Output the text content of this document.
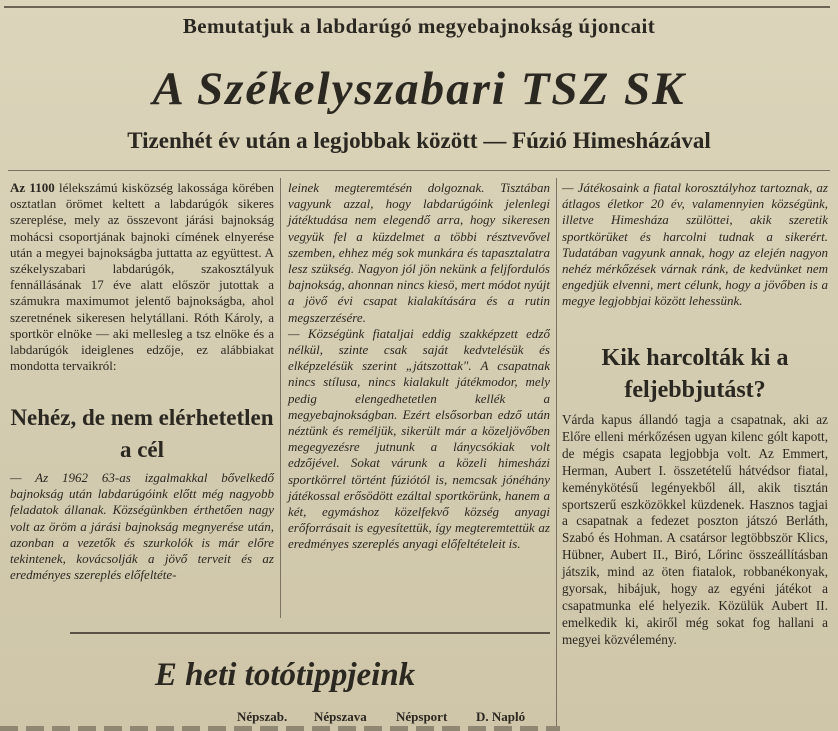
Bemutatjuk a labdarúgó megyebajnokság újoncait
A Székelyszabari TSZ SK
Tizenhét év után a legjobbak között — Fúzió Himesházával

Az 1100 lélekszámú kisközség lakossága körében osztatlan örömet keltett a labdarúgók sikeres szereplése, mely az összevont járási bajnokság mohácsi csoportjának bajnoki címének elnyerése után a megyei bajnokságba juttatta az együttest. A székelyszabari labdarúgók, szakosztályuk fennállásának 17 éve alatt először jutottak a számukra maximumot jelentő bajnokságba, ahol szeretnének sikeresen helytállani. Róth Károly, a sportkör elnöke — aki mellesleg a tsz elnöke és a labdarúgók ideiglenes edzője, ez alábbiakat mondotta tervaikról:

Nehéz, de nem elérhetetlen a cél

— Az 1962 63-as izgalmakkal bővelkedő bajnokság után labdarúgóink előtt még nagyobb feladatok állanak. Községünkben érthetően nagy volt az öröm a járási bajnokság megnyerése után, azonban a vezetők és szurkolók is már előre tekintenek, kovácsolják a jövő terveit és az eredményes szereplés előfeltéte-

leinek megteremtésén dolgoznak. Tisztában vagyunk azzal, hogy labdarúgóink jelenlegi játéktudása nem elegendő arra, hogy sikeresen vegyük fel a küzdelmet a többi résztvevővel szemben, ehhez még sok munkára és tapasztalatra lesz szükség. Nagyon jól jön nekünk a feljfordulós bajnokság, ahonnan nincs kiesö, mert módot nyújt a jövő évi csapat kialakítására és a rutin megszerzésére.

— Községünk fiataljai eddig szakképzett edző nélkül, szinte csak saját kedvtelésük és elképzelésük szerint „játszottak". A csapatnak nincs stílusa, nincs kialakult játékmodor, mely pedig elengedhetetlen kellék a megyebajnokságban. Ezért elsősorban edző után néztünk és reméljük, sikerült már a közeljövőben megegyezésre jutnunk a lánycsókiak volt edzőjével. Sokat várunk a közeli himesházi sportkörrel történt fúziótól is, nemcsak jónéhány játékossal erősödött ezáltal sportkörünk, hanem a két, egymáshoz közelfekvő község anyagi erőforrásait is egyesítettük, így megteremtettük az eredményes szereplés anyagi előfeltételeit is.

— Játékosaink a fiatal korosztályhoz tartoznak, az átlagos életkor 20 év, valamennyien községünk, illetve Himesháza szülöttei, akik szeretik sportkörüket és harcolni tudnak a sikerért. Tudatában vagyunk annak, hogy az elején nagyon nehéz mérkőzések várnak ránk, de kedvünket nem engedjük elvenni, mert célunk, hogy a jövőben is a megye legjobbjai között lehessünk.

Kik harcolták ki a feljebbjutást?

Várda kapus állandó tagja a csapatnak, aki az Előre elleni mérkőzésen ugyan kilenc gólt kapott, de mégis csapata legjobbja volt. Az Emmert, Herman, Aubert I. összetételű hátvédsor fiatal, keménykötésű legényekből áll, akik tisztán sportszerű eszközökkel küzdenek. Hasznos tagjai a csapatnak a fedezet poszton játszó Berláth, Szabó és Hohman. A csatársor legtöbbször Klics, Hübner, Aubert II., Biró, Lőrinc összeállításban játszik, mind az öten fiatalok, robbanékonyak, gyorsak, hibájuk, hogy az egyéni játékot a csapatmunka elé helyezik. Közülük Aubert II. emelkedik ki, akiről még sokat fog hallani a megyei közvélemény.

E heti totótippjeink
Népszab. Népszava Népsport D. Napló
